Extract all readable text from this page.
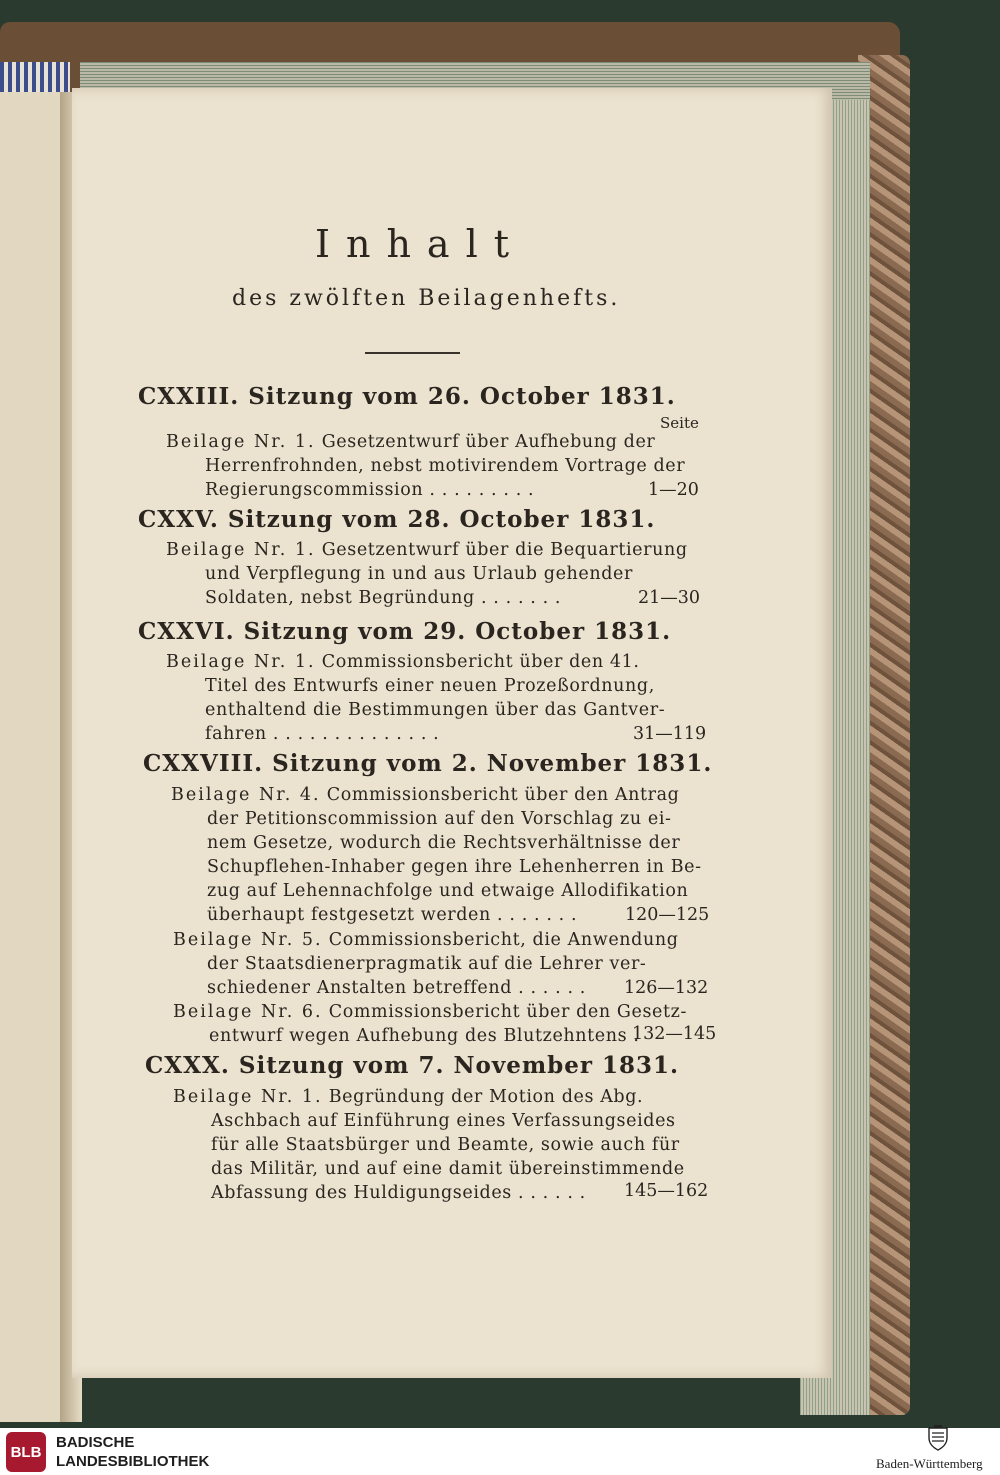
Inhalt
des zwölften Beilagenhefts.
CXXIII. Sitzung vom 26. October 1831.
Seite
Beilage Nr. 1. Gesetzentwurf über Aufhebung der
Herrenfrohnden, nebst motivirendem Vortrage der
Regierungscommission . . . . . . . . .	1—20
CXXV. Sitzung vom 28. October 1831.
Beilage Nr. 1. Gesetzentwurf über die Bequartierung
und Verpflegung in und aus Urlaub gehender
Soldaten, nebst Begründung . . . . . . .	21—30
CXXVI. Sitzung vom 29. October 1831.
Beilage Nr. 1. Commissionsbericht über den 41.
Titel des Entwurfs einer neuen Prozeßordnung,
enthaltend die Bestimmungen über das Gantver-
fahren . . . . . . . . . . . . . .	31—119
CXXVIII. Sitzung vom 2. November 1831.
Beilage Nr. 4. Commissionsbericht über den Antrag
der Petitionscommission auf den Vorschlag zu ei-
nem Gesetze, wodurch die Rechtsverhältnisse der
Schupflehen-Inhaber gegen ihre Lehenherren in Be-
zug auf Lehennachfolge und etwaige Allodifikation
überhaupt festgesetzt werden . . . . . . .	120—125
Beilage Nr. 5. Commissionsbericht, die Anwendung
der Staatsdienerpragmatik auf die Lehrer ver-
schiedener Anstalten betreffend . . . . . . 126—132
Beilage Nr. 6. Commissionsbericht über den Gesetz-
entwurf wegen Aufhebung des Blutzehntens .
132—145
CXXX. Sitzung vom 7. November 1831.
Beilage Nr. 1. Begründung der Motion des Abg.
Aschbach auf Einführung eines Verfassungseides
für alle Staatsbürger und Beamte, sowie auch für
das Militär, und auf eine damit übereinstimmende
Abfassung des Huldigungseides . . . . . . 145—162
BLB
BADISCHE
LANDESBIBLIOTHEK	Baden-Württemberg
